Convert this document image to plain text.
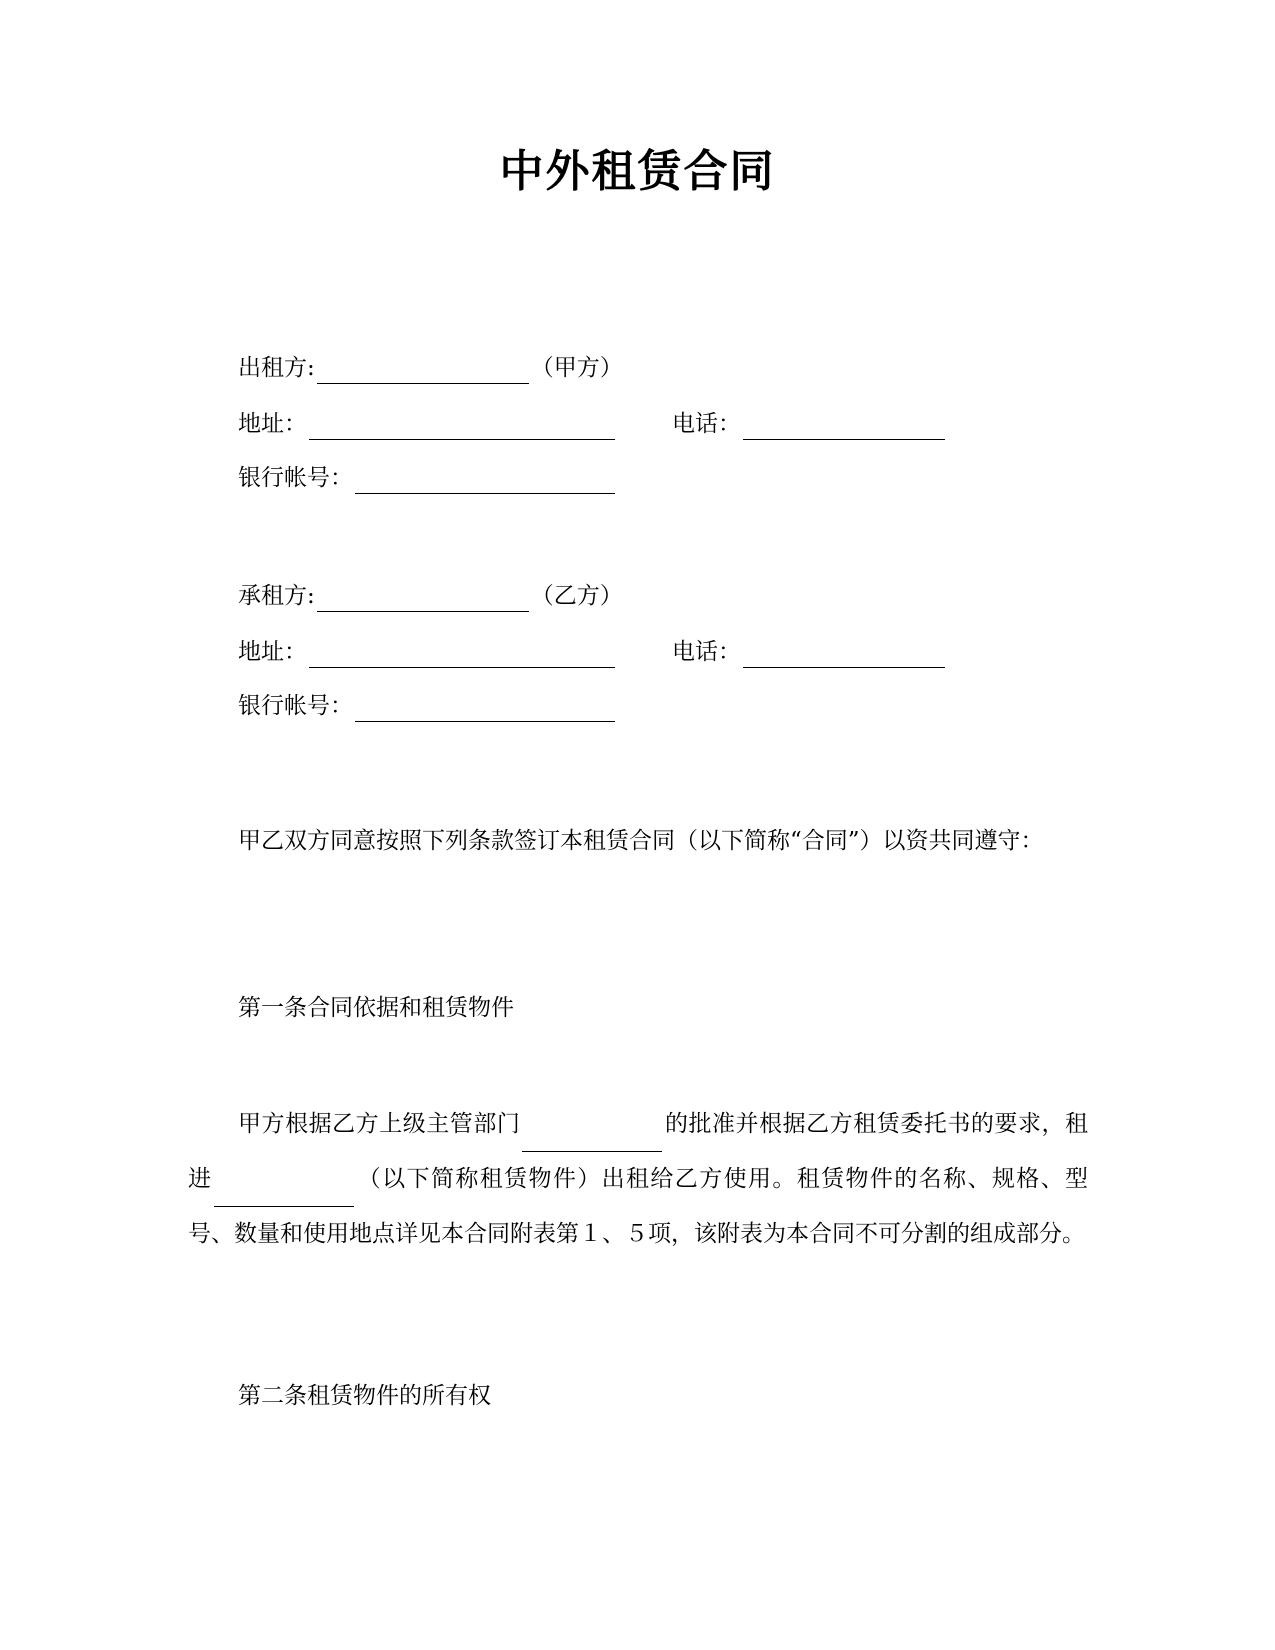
中外租赁合同
出租方:	（甲方）
地址：	电话：
银行帐号：
承租方:	（乙方）
地址：	电话：
银行帐号：
甲乙双方同意按照下列条款签订本租赁合同（以下简称“合同”）以资共同遵守：
第一条合同依据和租赁物件
甲方根据乙方上级主管部门	的批准并根据乙方租赁委托书的要求，租进	（以下简称租赁物件）出租给乙方使用。租赁物件的名称、规格、型号、数量和使用地点详见本合同附表第１、５项，该附表为本合同不可分割的组成部分。
第二条租赁物件的所有权
